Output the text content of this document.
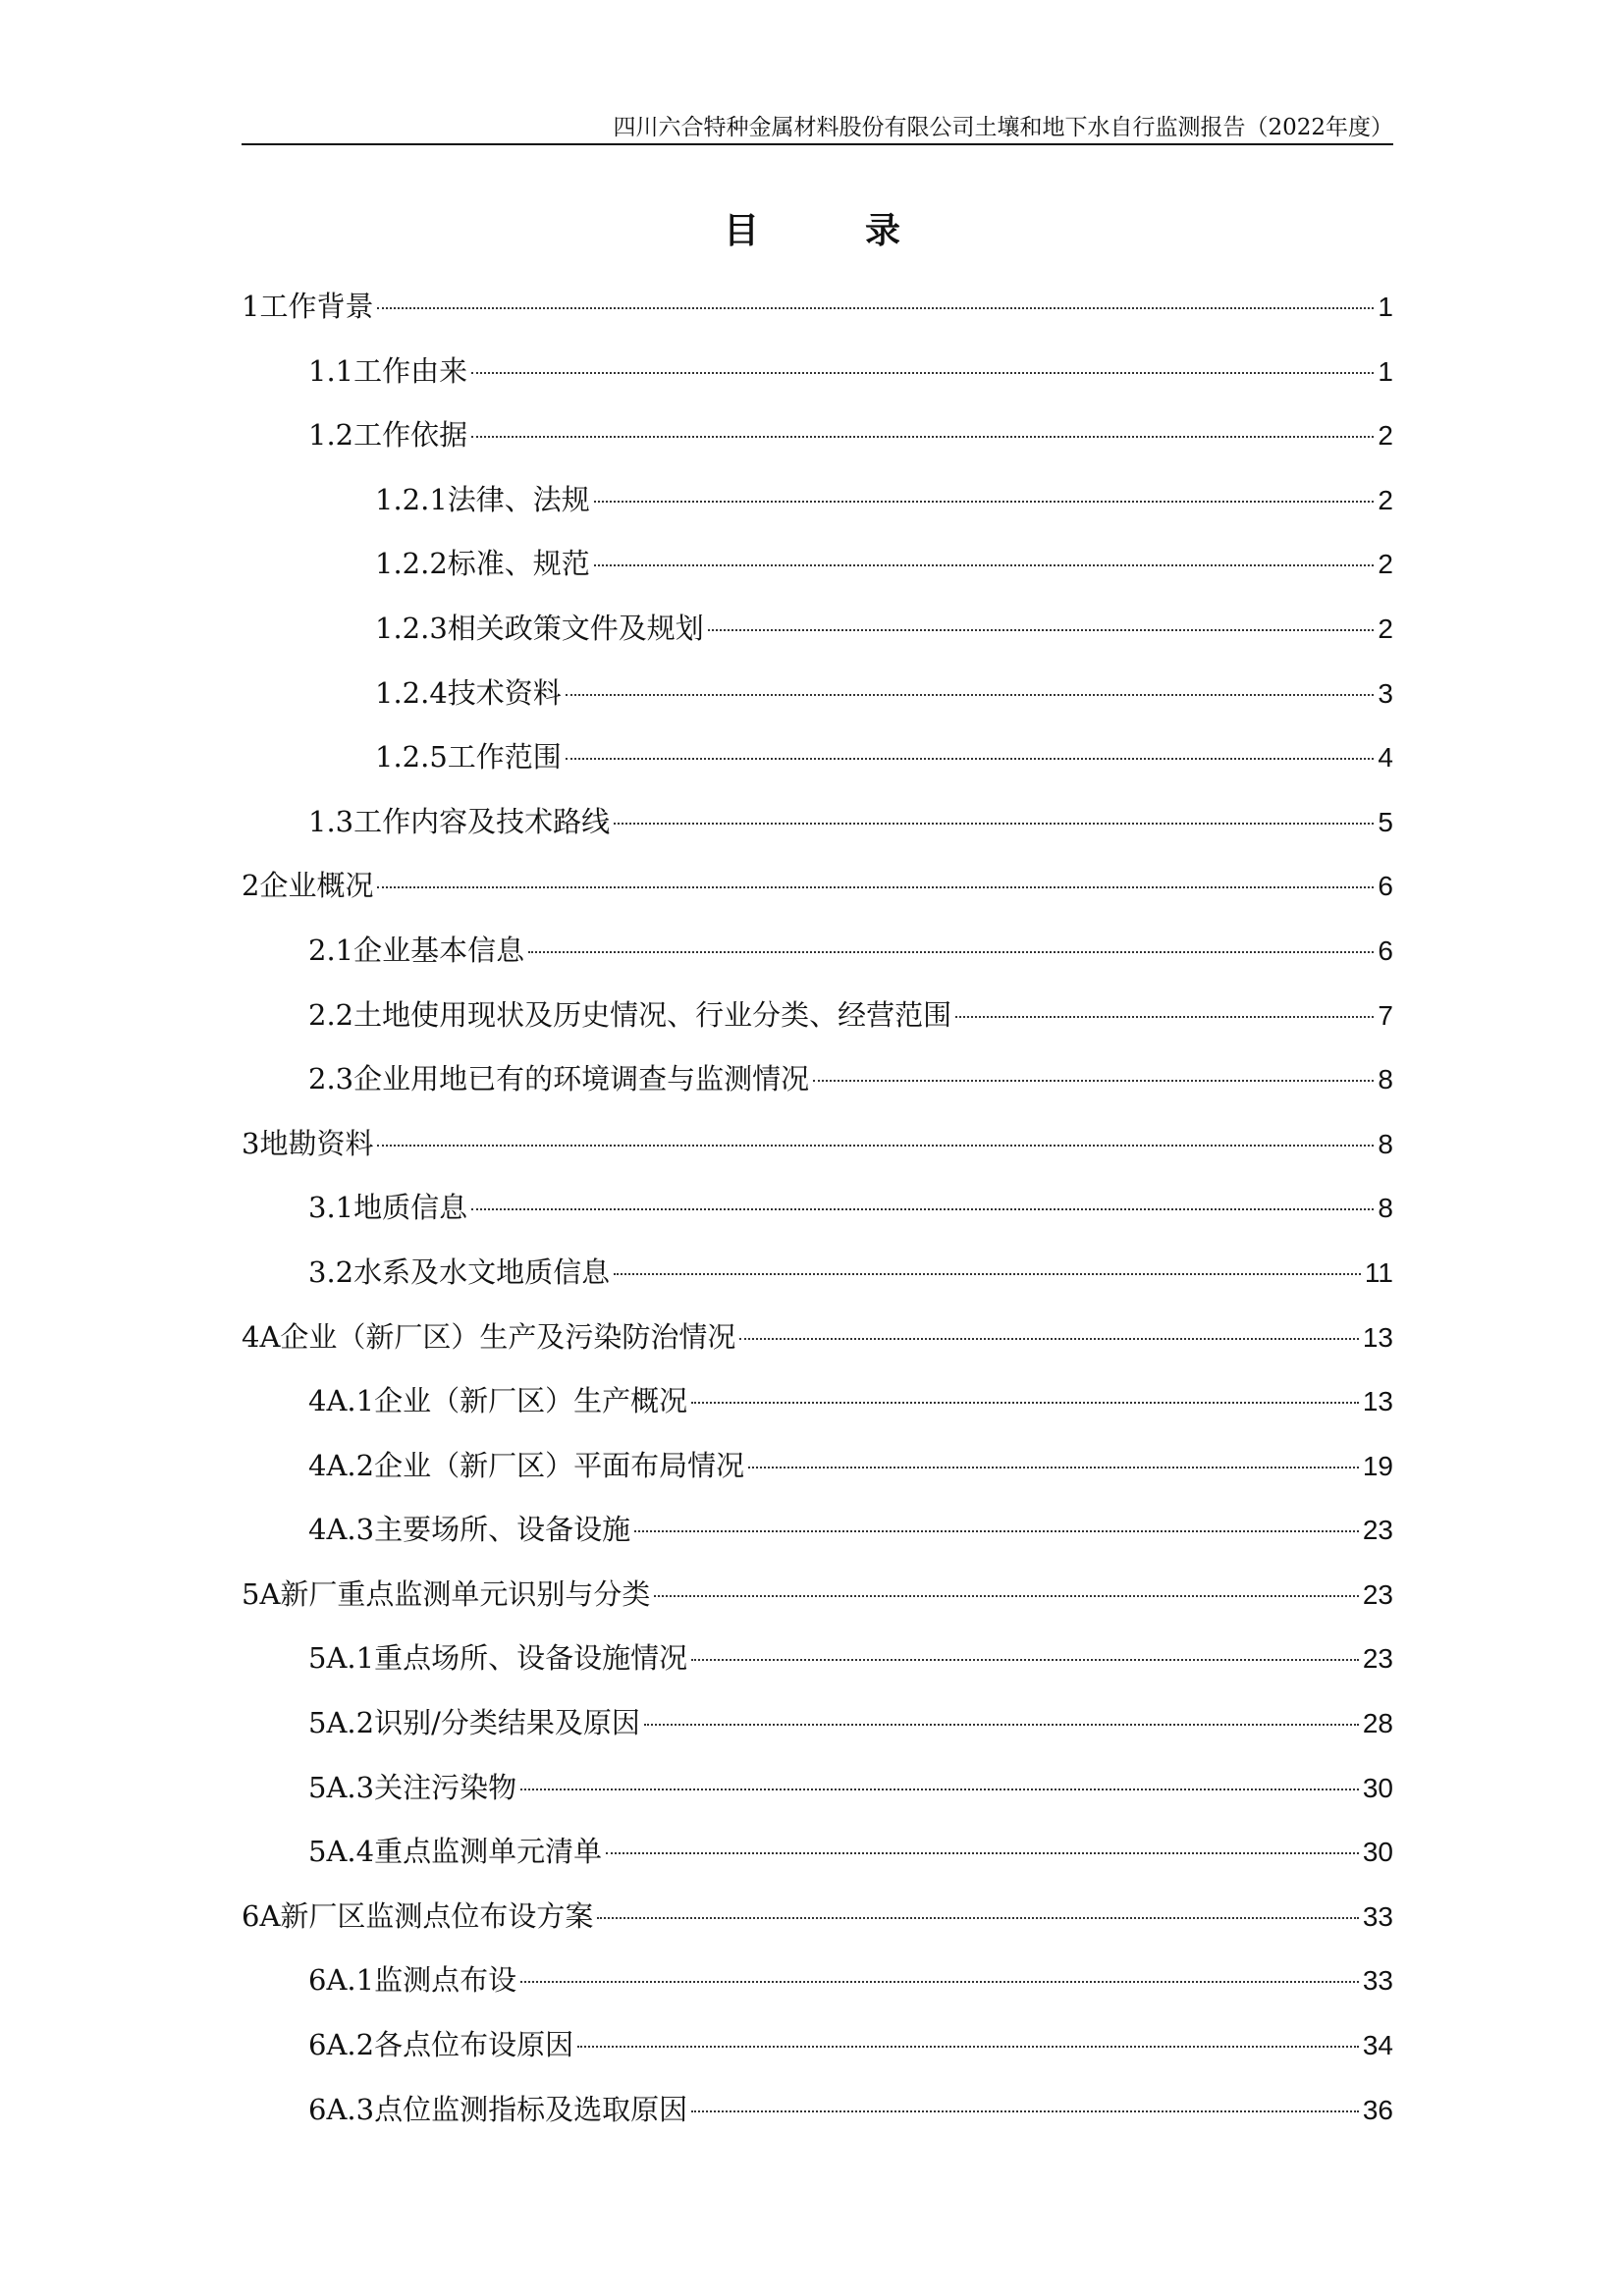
四川六合特种金属材料股份有限公司土壤和地下水自行监测报告（2022年度）
目　录
1工作背景	1
1.1工作由来	1
1.2工作依据	2
1.2.1法律、法规	2
1.2.2标准、规范	2
1.2.3相关政策文件及规划	2
1.2.4技术资料	3
1.2.5工作范围	4
1.3工作内容及技术路线	5
2企业概况	6
2.1企业基本信息	6
2.2土地使用现状及历史情况、行业分类、经营范围	7
2.3企业用地已有的环境调查与监测情况	8
3地勘资料	8
3.1地质信息	8
3.2水系及水文地质信息	11
4A企业（新厂区）生产及污染防治情况	13
4A.1企业（新厂区）生产概况	13
4A.2企业（新厂区）平面布局情况	19
4A.3主要场所、设备设施	23
5A新厂重点监测单元识别与分类	23
5A.1重点场所、设备设施情况	23
5A.2识别/分类结果及原因	28
5A.3关注污染物	30
5A.4重点监测单元清单	30
6A新厂区监测点位布设方案	33
6A.1监测点布设	33
6A.2各点位布设原因	34
6A.3点位监测指标及选取原因	36
